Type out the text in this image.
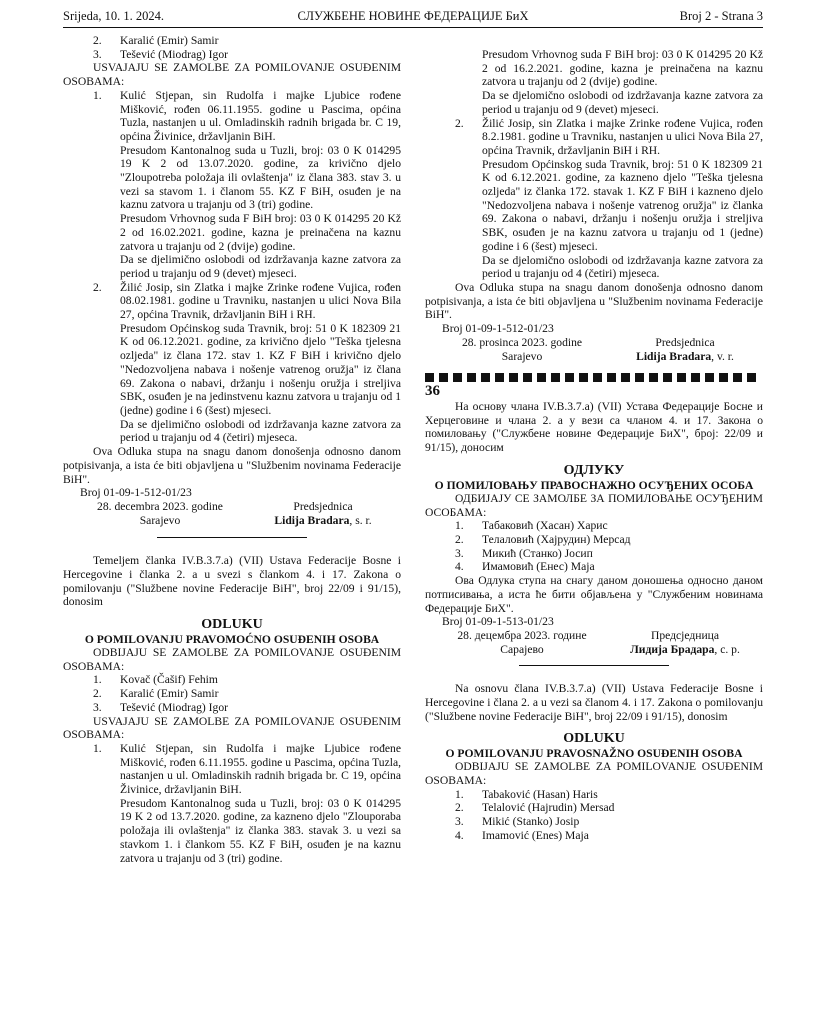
Srijeda, 10. 1. 2024.	СЛУЖБЕНЕ НОВИНЕ ФЕДЕРАЦИЈЕ БиХ	Broj 2 - Strana 3
2.	Karalić (Emir) Samir
3.	Tešević (Miodrag) Igor

USVAJAJU SE ZAMOLBE ZA POMILOVANJE OSUĐENIM OSOBAMA:

1. Kulić Stjepan, sin Rudolfa i majke Ljubice rođene Mišković, rođen 06.11.1955. godine u Pascima, općina Tuzla, nastanjen u ul. Omladinskih radnih brigada br. C 19, općina Živinice, državljanin BiH.

Presudom Kantonalnog suda u Tuzli, broj: 03 0 K 014295 19 K 2 od 13.07.2020. godine, za krivično djelo "Zloupotreba položaja ili ovlaštenja" iz člana 383. stav 3. u vezi sa stavom 1. i članom 55. KZ F BiH, osuđen je na kaznu zatvora u trajanju od 3 (tri) godine.

Presudom Vrhovnog suda F BiH broj: 03 0 K 014295 20 Kž 2 od 16.02.2021. godine, kazna je preinačena na kaznu zatvora u trajanju od 2 (dvije) godine.

Da se djelimično oslobodi od izdržavanja kazne zatvora za period u trajanju od 9 (devet) mjeseci.

2. Žilić Josip, sin Zlatka i majke Zrinke rođene Vujica, rođen 08.02.1981. godine u Travniku, nastanjen u ulici Nova Bila 27, općina Travnik, državljanin BiH i RH.

Presudom Općinskog suda Travnik, broj: 51 0 K 182309 21 K od 06.12.2021. godine, za krivično djelo "Teška tjelesna ozljeda" iz člana 172. stav 1. KZ F BiH i krivično djelo "Nedozvoljena nabava i nošenje vatrenog oružja" iz člana 69. Zakona o nabavi, držanju i nošenju oružja i streljiva SBK, osuđen je na jedinstvenu kaznu zatvora u trajanju od 1 (jedne) godine i 6 (šest) mjeseci.

Da se djelimično oslobodi od izdržavanja kazne zatvora za period u trajanju od 4 (četiri) mjeseca.

Ova Odluka stupa na snagu danom donošenja odnosno danom potpisivanja, a ista će biti objavljena u "Službenim novinama Federacije BiH".

Broj 01-09-1-512-01/23
28. decembra 2023. godine
Sarajevo
Predsjednica
Lidija Bradara, s. r.

Temeljem članka IV.B.3.7.a) (VII) Ustava Federacije Bosne i Hercegovine i članka 2. a u svezi s člankom 4. i 17. Zakona o pomilovanju ("Službene novine Federacije BiH", broj 22/09 i 91/15), donosim

ODLUKU

O POMILOVANJU PRAVOMOĆNO OSUĐENIH OSOBA

ODBIJAJU SE ZAMOLBE ZA POMILOVANJE OSUĐENIM OSOBAMA:

1.	Kovač (Čašif) Fehim
2.	Karalić (Emir) Samir
3.	Tešević (Miodrag) Igor

USVAJAJU SE ZAMOLBE ZA POMILOVANJE OSUĐENIM OSOBAMA:

1. Kulić Stjepan, sin Rudolfa i majke Ljubice rođene Mišković, rođen 6.11.1955. godine u Pascima, općina Tuzla, nastanjen u ul. Omladinskih radnih brigada br. C 19, općina Živinice, državljanin BiH.

Presudom Kantonalnog suda u Tuzli, broj: 03 0 K 014295 19 K 2 od 13.7.2020. godine, za kazneno djelo "Zlouporaba položaja ili ovlaštenja" iz članka 383. stavak 3. u vezi sa stavkom 1. i člankom 55. KZ F BiH, osuđen je na kaznu zatvora u trajanju od 3 (tri) godine.

Presudom Vrhovnog suda F BiH broj: 03 0 K 014295 20 Kž 2 od 16.2.2021. godine, kazna je preinačena na kaznu zatvora u trajanju od 2 (dvije) godine.

Da se djelomično oslobodi od izdržavanja kazne zatvora za period u trajanju od 9 (devet) mjeseci.

2. Žilić Josip, sin Zlatka i majke Zrinke rođene Vujica, rođen 8.2.1981. godine u Travniku, nastanjen u ulici Nova Bila 27, općina Travnik, državljanin BiH i RH.

Presudom Općinskog suda Travnik, broj: 51 0 K 182309 21 K od 6.12.2021. godine, za kazneno djelo "Teška tjelesna ozljeda" iz članka 172. stavak 1. KZ F BiH i kazneno djelo "Nedozvoljena nabava i nošenje vatrenog oružja" iz članka 69. Zakona o nabavi, držanju i nošenju oružja i streljiva SBK, osuđen je na kaznu zatvora u trajanju od 1 (jedne) godine i 6 (šest) mjeseci.

Da se djelomično oslobodi od izdržavanja kazne zatvora za period u trajanju od 4 (četiri) mjeseca.

Ova Odluka stupa na snagu danom donošenja odnosno danom potpisivanja, a ista će biti objavljena u "Službenim novinama Federacije BiH".

Broj 01-09-1-512-01/23
28. prosinca 2023. godine
Sarajevo
Predsjednica
Lidija Bradara, v. r.

36

На основу члана IV.B.3.7.a) (VII) Устава Федерације Босне и Херцеговине и члана 2. а у вези са чланом 4. и 17. Закона о помиловању ("Службене новине Федерације БиХ", број: 22/09 и 91/15), доносим

ОДЛУКУ

О ПОМИЛОВАЊУ ПРАВОСНАЖНО ОСУЂЕНИХ ОСОБА

ОДБИЈАЈУ СЕ ЗАМОЛБЕ ЗА ПОМИЛОВАЊЕ ОСУЂЕНИМ ОСОБАМА:

1.	Табаковић (Хасан) Харис
2.	Телаловић (Хајрудин) Мерсад
3.	Микић (Станко) Јосип
4.	Имамовић (Енес) Маја

Ова Одлука ступа на снагу даном доношења односно даном потписивања, а иста ће бити објављена у "Службеним новинама Федерације БиХ".

Broj 01-09-1-513-01/23
28. децембра 2023. године
Сарајево
Предсједница
Лидија Брадара, с. р.

Na osnovu člana IV.B.3.7.a) (VII) Ustava Federacije Bosne i Hercegovine i člana 2. a u vezi sa članom 4. i 17. Zakona o pomilovanju ("Službene novine Federacije BiH", broj 22/09 i 91/15), donosim

ODLUKU

O POMILOVANJU PRAVOSNAŽNO OSUĐENIH OSOBA

ODBIJAJU SE ZAMOLBE ZA POMILOVANJE OSUĐENIM OSOBAMA:

1.	Tabaković (Hasan) Haris
2.	Telalović (Hajrudin) Mersad
3.	Mikić (Stanko) Josip
4.	Imamović (Enes) Maja
